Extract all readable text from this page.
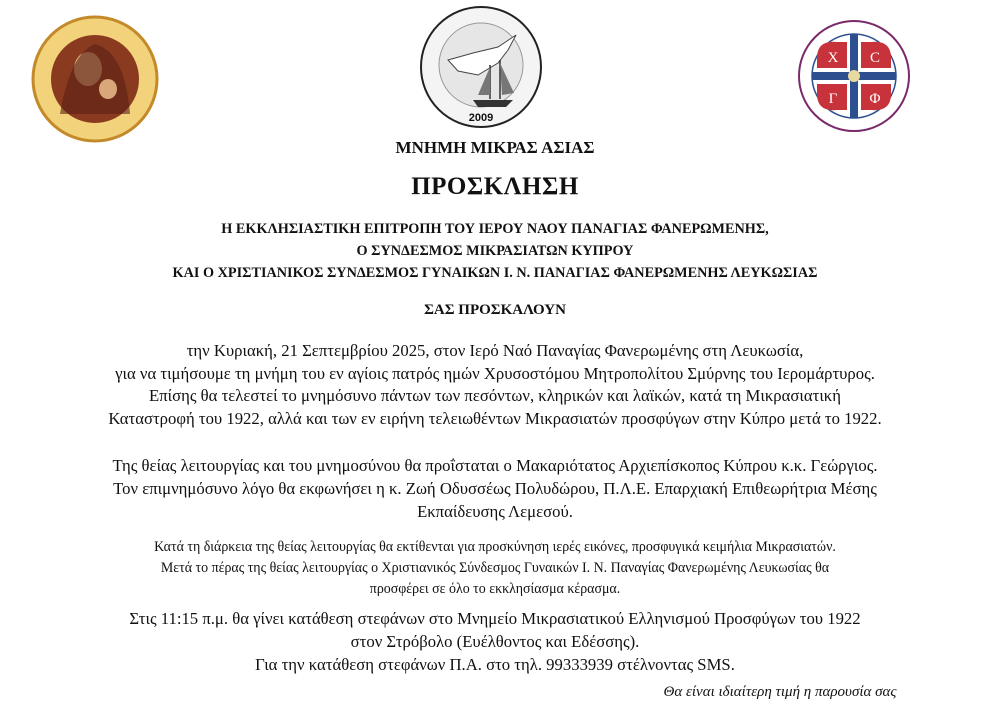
2009
Χ C
Γ Φ
ΜΝΗΜΗ ΜΙΚΡΑΣ ΑΣΙΑΣ
ΠΡΟΣΚΛΗΣΗ
Η ΕΚΚΛΗΣΙΑΣΤΙΚΗ ΕΠΙΤΡΟΠΗ ΤΟΥ ΙΕΡΟΥ ΝΑΟΥ ΠΑΝΑΓΙΑΣ ΦΑΝΕΡΩΜΕΝΗΣ,
Ο ΣΥΝΔΕΣΜΟΣ ΜΙΚΡΑΣΙΑΤΩΝ ΚΥΠΡΟΥ
ΚΑΙ Ο ΧΡΙΣΤΙΑΝΙΚΟΣ ΣΥΝΔΕΣΜΟΣ ΓΥΝΑΙΚΩΝ Ι. Ν. ΠΑΝΑΓΙΑΣ ΦΑΝΕΡΩΜΕΝΗΣ ΛΕΥΚΩΣΙΑΣ
ΣΑΣ ΠΡΟΣΚΑΛΟΥΝ
την Κυριακή, 21 Σεπτεμβρίου 2025, στον Ιερό Ναό Παναγίας Φανερωμένης στη Λευκωσία,
για να τιμήσουμε τη μνήμη του εν αγίοις πατρός ημών Χρυσοστόμου Μητροπολίτου Σμύρνης του Ιερομάρτυρος.
Επίσης θα τελεστεί το μνημόσυνο πάντων των πεσόντων, κληρικών και λαϊκών, κατά τη Μικρασιατική
Καταστροφή του 1922, αλλά και των εν ειρήνη τελειωθέντων Μικρασιατών προσφύγων στην Κύπρο μετά το 1922.
Της θείας λειτουργίας και του μνημοσύνου θα προΐσταται ο Μακαριότατος Αρχιεπίσκοπος Κύπρου κ.κ. Γεώργιος.
Τον επιμνημόσυνο λόγο θα εκφωνήσει η κ. Ζωή Οδυσσέως Πολυδώρου, Π.Λ.Ε. Επαρχιακή Επιθεωρήτρια Μέσης
Εκπαίδευσης Λεμεσού.
Κατά τη διάρκεια της θείας λειτουργίας θα εκτίθενται για προσκύνηση ιερές εικόνες, προσφυγικά κειμήλια Μικρασιατών.
Μετά το πέρας της θείας λειτουργίας ο Χριστιανικός Σύνδεσμος Γυναικών Ι. Ν. Παναγίας Φανερωμένης Λευκωσίας θα
προσφέρει σε όλο το εκκλησίασμα κέρασμα.
Στις 11:15 π.μ. θα γίνει κατάθεση στεφάνων στο Μνημείο Μικρασιατικού Ελληνισμού Προσφύγων του 1922
στον Στρόβολο (Ευέλθοντος και Εδέσσης).
Για την κατάθεση στεφάνων Π.Α. στο τηλ. 99333939 στέλνοντας SMS.
Θα είναι ιδιαίτερη τιμή η παρουσία σας
